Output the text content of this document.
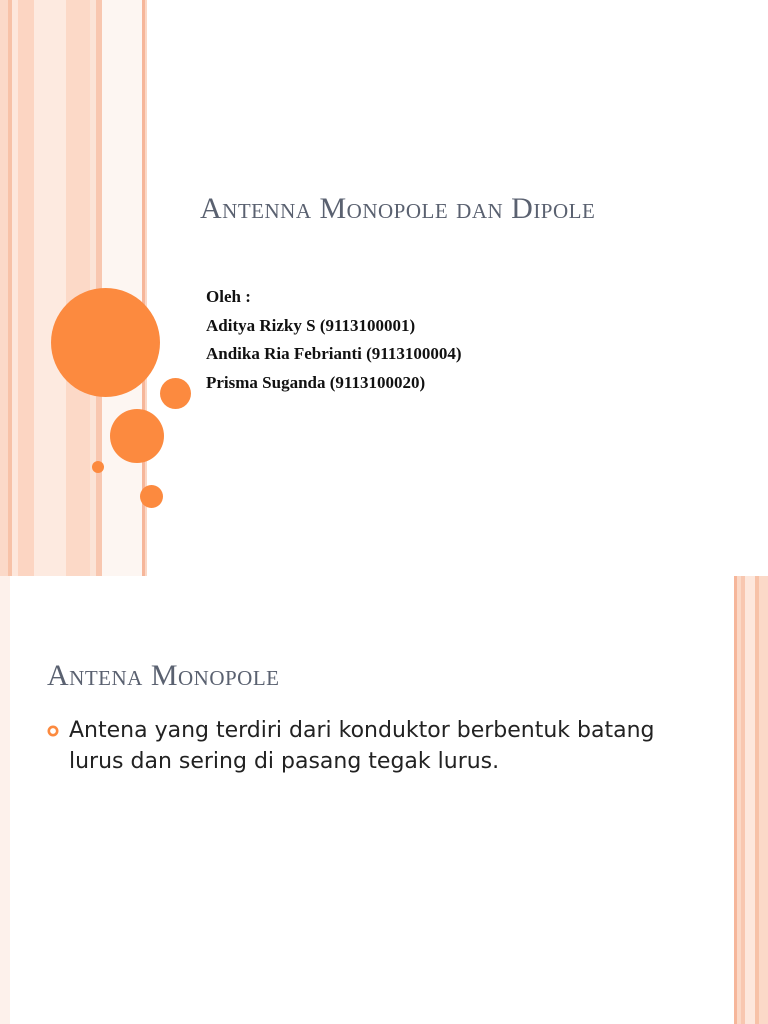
Antenna Monopole dan Dipole
Oleh :
Aditya Rizky S (9113100001)
Andika Ria Febrianti (9113100004)
Prisma Suganda (9113100020)
Antena Monopole
Antena yang terdiri dari konduktor berbentuk batang lurus dan sering di pasang tegak lurus.
